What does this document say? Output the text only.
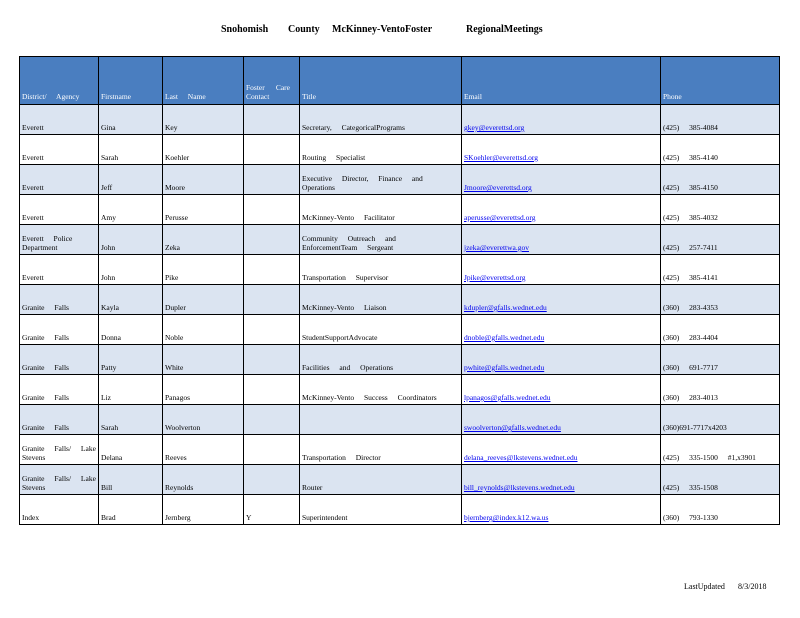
Snohomish County McKinney-VentoFoster	RegionalMeetings
District/ Agency	Firstname	Last Name	Foster Care Contact	Title	Email	Phone
Everett	Gina	Key		Secretary, CategoricalPrograms	gkey@everettsd.org	(425) 385-4084
Everett	Sarah	Koehler		Routing Specialist	SKoehler@everettsd.org	(425) 385-4140
Everett	Jeff	Moore		Executive Director, Finance and Operations	Jmoore@everettsd.org	(425) 385-4150
Everett	Amy	Perusse		McKinney-Vento Facilitator	aperusse@everettsd.org	(425) 385-4032
Everett Police Department	John	Zeka		Community Outreach and EnforcementTeam Sergeant	jzeka@everettwa.gov	(425) 257-7411
Everett	John	Pike		Transportation Supervisor	Jpike@everettsd.org	(425) 385-4141
Granite Falls	Kayla	Dupler		McKinney-Vento Liaison	kdupler@gfalls.wednet.edu	(360) 283-4353
Granite Falls	Donna	Noble		StudentSupportAdvocate	dnoble@gfalls.wednet.edu	(360) 283-4404
Granite Falls	Patty	White		Facilities and Operations	pwhite@gfalls.wednet.edu	(360) 691-7717
Granite Falls	Liz	Panagos		McKinney-Vento Success Coordinators	lpanagos@gfalls.wednet.edu	(360) 283-4013
Granite Falls	Sarah	Woolverton			swoolverton@gfalls.wednet.edu	(360)691-7717x4203
Granite Falls/ Lake Stevens	Delana	Reeves		Transportation Director	delana_reeves@lkstevens.wednet.edu	(425) 335-1500 #1,x3901
Granite Falls/ Lake Stevens	Bill	Reynolds		Router	bill_reynolds@lkstevens.wednet.edu	(425) 335-1508
Index	Brad	Jernberg	Y	Superintendent	bjernberg@index.k12.wa.us	(360) 793-1330
LastUpdated 8/3/2018
